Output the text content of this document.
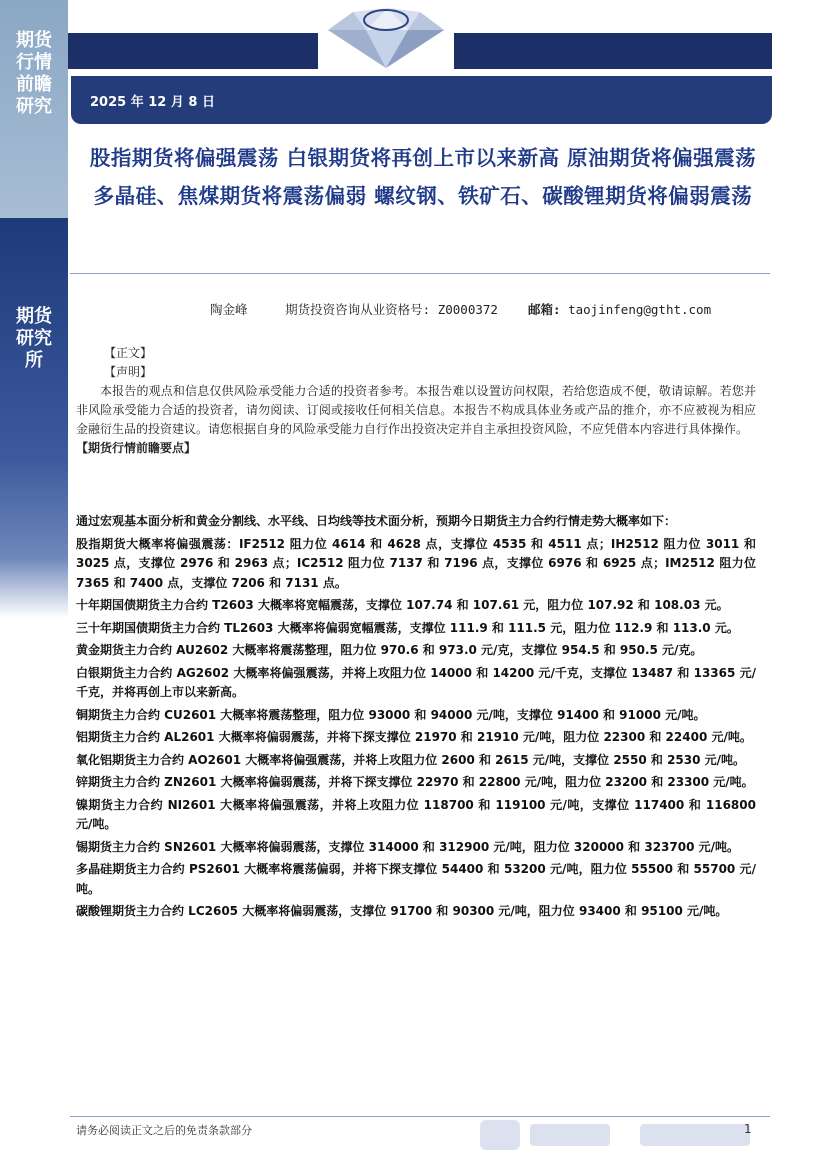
期货行情前瞻研究
期货研究所
2025 年 12 月 8 日
股指期货将偏强震荡 白银期货将再创上市以来新高 原油期货将偏强震荡 多晶硅、焦煤期货将震荡偏弱 螺纹钢、铁矿石、碳酸锂期货将偏弱震荡
陶金峰	期货投资咨询从业资格号: Z0000372 邮箱: taojinfeng@gtht.com
【正文】
【声明】

本报告的观点和信息仅供风险承受能力合适的投资者参考。本报告难以设置访问权限，若给您造成不便，敬请谅解。若您并非风险承受能力合适的投资者，请勿阅读、订阅或接收任何相关信息。本报告不构成具体业务或产品的推介，亦不应被视为相应金融衍生品的投资建议。请您根据自身的风险承受能力自行作出投资决定并自主承担投资风险，不应凭借本内容进行具体操作。

【期货行情前瞻要点】

通过宏观基本面分析和黄金分割线、水平线、日均线等技术面分析，预期今日期货主力合约行情走势大概率如下：

股指期货大概率将偏强震荡：IF2512 阻力位 4614 和 4628 点，支撑位 4535 和 4511 点；IH2512 阻力位 3011 和 3025 点，支撑位 2976 和 2963 点；IC2512 阻力位 7137 和 7196 点，支撑位 6976 和 6925 点；IM2512 阻力位 7365 和 7400 点，支撑位 7206 和 7131 点。

十年期国债期货主力合约 T2603 大概率将宽幅震荡，支撑位 107.74 和 107.61 元，阻力位 107.92 和 108.03 元。

三十年期国债期货主力合约 TL2603 大概率将偏弱宽幅震荡，支撑位 111.9 和 111.5 元，阻力位 112.9 和 113.0 元。

黄金期货主力合约 AU2602 大概率将震荡整理，阻力位 970.6 和 973.0 元/克，支撑位 954.5 和 950.5 元/克。

白银期货主力合约 AG2602 大概率将偏强震荡，并将上攻阻力位 14000 和 14200 元/千克，支撑位 13487 和 13365 元/千克，并将再创上市以来新高。

铜期货主力合约 CU2601 大概率将震荡整理，阻力位 93000 和 94000 元/吨，支撑位 91400 和 91000 元/吨。

铝期货主力合约 AL2601 大概率将偏弱震荡，并将下探支撑位 21970 和 21910 元/吨，阻力位 22300 和 22400 元/吨。

氧化铝期货主力合约 AO2601 大概率将偏强震荡，并将上攻阻力位 2600 和 2615 元/吨，支撑位 2550 和 2530 元/吨。

锌期货主力合约 ZN2601 大概率将偏弱震荡，并将下探支撑位 22970 和 22800 元/吨，阻力位 23200 和 23300 元/吨。

镍期货主力合约 NI2601 大概率将偏强震荡，并将上攻阻力位 118700 和 119100 元/吨，支撑位 117400 和 116800 元/吨。

锡期货主力合约 SN2601 大概率将偏弱震荡，支撑位 314000 和 312900 元/吨，阻力位 320000 和 323700 元/吨。

多晶硅期货主力合约 PS2601 大概率将震荡偏弱，并将下探支撑位 54400 和 53200 元/吨，阻力位 55500 和 55700 元/吨。

碳酸锂期货主力合约 LC2605 大概率将偏弱震荡，支撑位 91700 和 90300 元/吨，阻力位 93400 和 95100 元/吨。

请务必阅读正文之后的免责条款部分	1
